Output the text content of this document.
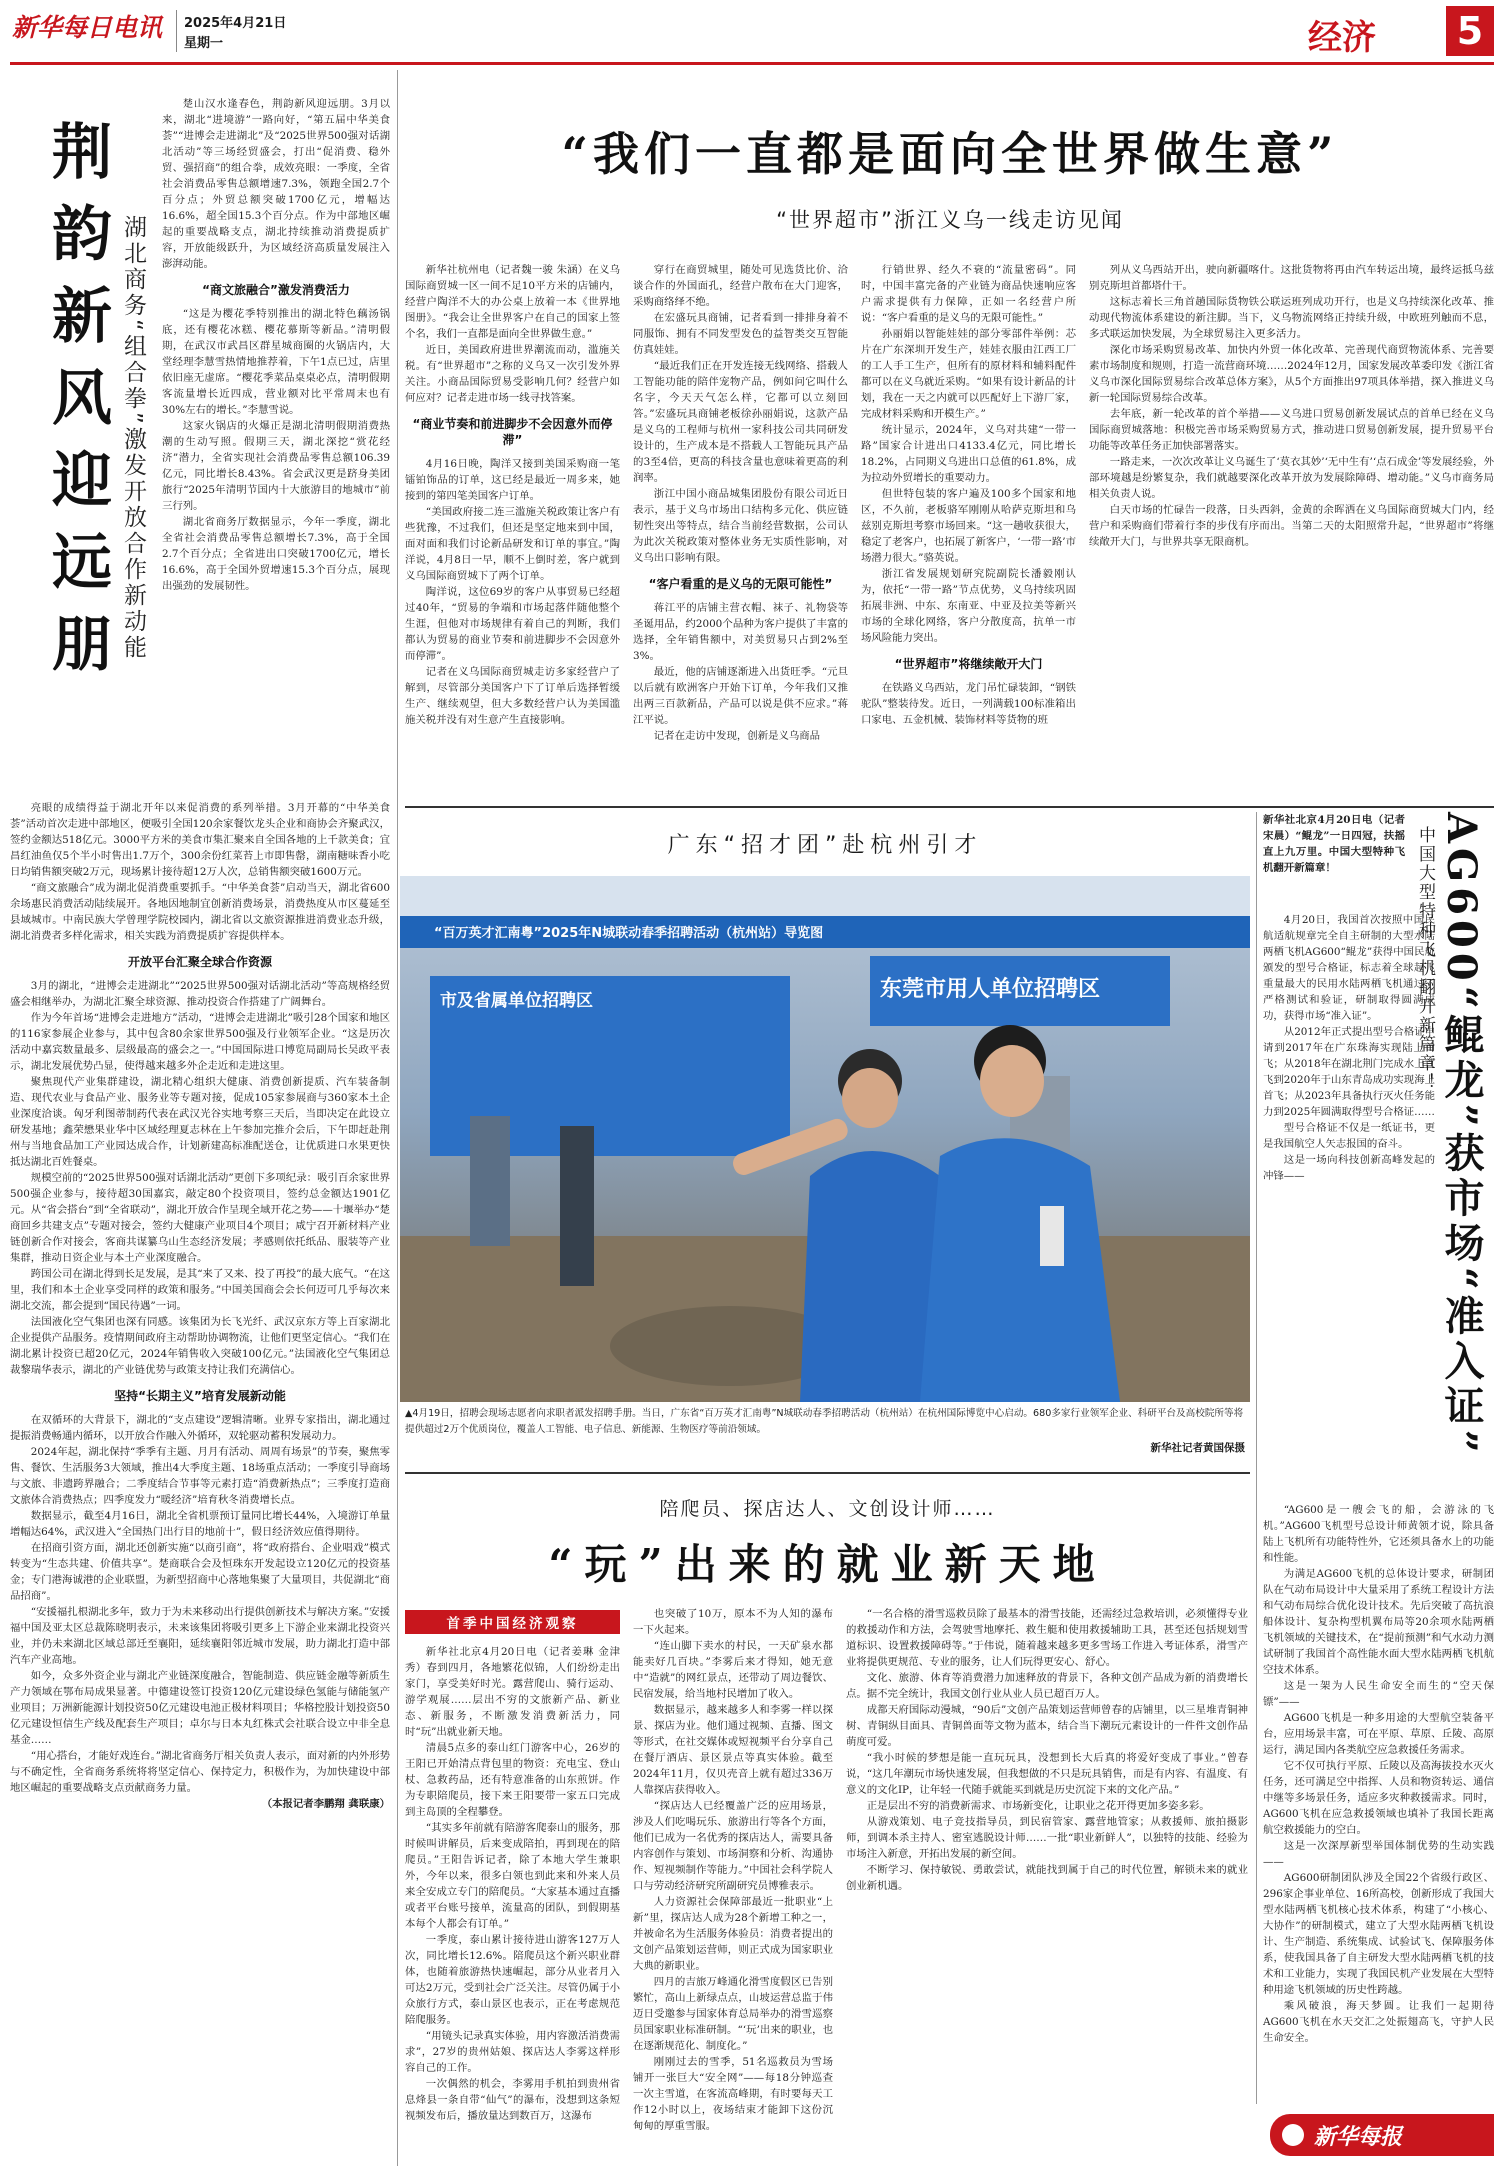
新华每日电讯	2025年4月21日
星期一	经济	5
荆韵新风迎远朋 湖北商务“组合拳”激发开放合作新动能

楚山汉水逢春色，荆韵新风迎远朋。3月以来，湖北“进境游”一路向好，“第五届中华美食荟”“进博会走进湖北”及“2025世界500强对话湖北活动”等三场经贸盛会，打出“促消费、稳外贸、强招商”的组合拳，成效亮眼：一季度，全省社会消费品零售总额增速7.3%，领跑全国2.7个百分点；外贸总额突破1700亿元，增幅达16.6%，超全国15.3个百分点。作为中部地区崛起的重要战略支点，湖北持续推动消费提质扩容，开放能级跃升，为区域经济高质量发展注入澎湃动能。

“商文旅融合”激发消费活力

“这是为樱花季特别推出的湖北特色藕汤锅底，还有樱花冰糕、樱花慕斯等新品。”清明假期，在武汉市武昌区群星城商圈的火锅店内，大堂经理李慧雪热情地推荐着，下午1点已过，店里依旧座无虚席。“樱花季菜品桌桌必点，清明假期客流量增长近四成，营业额对比平常周末也有30%左右的增长。”李慧雪说。

这家火锅店的火爆正是湖北清明假期消费热潮的生动写照。假期三天，湖北深挖“赏花经济”潜力，全省实现社会消费品零售总额106.39亿元，同比增长8.43%。省会武汉更是跻身美团旅行“2025年清明节国内十大旅游目的地城市”前三行列。

湖北省商务厅数据显示，今年一季度，湖北全省社会消费品零售总额增长7.3%，高于全国2.7个百分点；全省进出口突破1700亿元，增长16.6%，高于全国外贸增速15.3个百分点，展现出强劲的发展韧性。

亮眼的成绩得益于湖北开年以来促消费的系列举措。3月开幕的“中华美食荟”活动首次走进中部地区，便吸引全国120余家餐饮龙头企业和商协会齐聚武汉，签约金额达518亿元。3000平方米的美食市集汇聚来自全国各地的上千款美食；宜昌红油鱼仅5个半小时售出1.7万个，300余份红菜苔上市即售罄，湖南糖味香小吃日均销售额突破2万元，现场累计接待超12万人次，总销售额突破1600万元。

“商文旅融合”成为湖北促消费重要抓手。“中华美食荟”启动当天，湖北省600余场惠民消费活动陆续展开。各地因地制宜创新消费场景，消费热度从市区蔓延至县域城市。中南民族大学曾理学院校园内，湖北省以文旅资源推进消费业态升级，湖北消费者多样化需求，相关实践为消费提质扩容提供样本。

开放平台汇聚全球合作资源

3月的湖北，“进博会走进湖北”“2025世界500强对话湖北活动”等高规格经贸盛会相继举办，为湖北汇聚全球资源、推动投资合作搭建了广阔舞台。

作为今年首场“进博会走进地方”活动，“进博会走进湖北”吸引28个国家和地区的116家参展企业参与，其中包含80余家世界500强及行业领军企业。“这是历次活动中嘉宾数量最多、层级最高的盛会之一。”中国国际进口博览局副局长吴政平表示，湖北发展优势凸显，使得越来越多外企走近和走进这里。

聚焦现代产业集群建设，湖北精心组织大健康、消费创新提质、汽车装备制造、现代农业与食品产业、服务业等专题对接，促成105家参展商与360家本土企业深度洽谈。匈牙利图蒂制药代表在武汉光谷实地考察三天后，当即决定在此设立研发基地；鑫荣懋果业华中区域经理夏志林在上午参加完推介会后，下午即赶赴荆州与当地食品加工产业园达成合作，计划新建高标准配送仓，让优质进口水果更快抵达湖北百姓餐桌。

规模空前的“2025世界500强对话湖北活动”更创下多项纪录：吸引百余家世界500强企业参与，接待超30国嘉宾，敲定80个投资项目，签约总金额达1901亿元。从“省会搭台”到“全省联动”，湖北开放合作呈现全域开花之势——十堰举办“楚商回乡共建支点”专题对接会，签约大健康产业项目4个项目；咸宁召开新材料产业链创新合作对接会，客商共谋纂乌山生态经济发展；孝感则依托纸品、服装等产业集群，推动日资企业与本土产业深度融合。

跨国公司在湖北得到长足发展，是其“来了又来、投了再投”的最大底气。“在这里，我们和本土企业享受同样的政策和服务。”中国美国商会会长何迈可几乎每次来湖北交流，都会提到“国民待遇”一词。

法国液化空气集团也深有同感。该集团为长飞光纤、武汉京东方等上百家湖北企业提供产品服务。疫情期间政府主动帮助协调物流，让他们更坚定信心。“我们在湖北累计投资已超20亿元，2024年销售收入突破100亿元。”法国液化空气集团总裁黎瑞华表示，湖北的产业链优势与政策支持让我们充满信心。

坚持“长期主义”培育发展新动能

在双循环的大背景下，湖北的“支点建设”逻辑清晰。业界专家指出，湖北通过提振消费畅通内循环，以开放合作融入外循环，双轮驱动蓄积发展动力。

2024年起，湖北保持“季季有主题、月月有活动、周周有场景”的节奏，聚焦零售、餐饮、生活服务3大领域，推出4大季度主题、18场重点活动；一季度引导商场与文旅、非遗跨界融合；二季度结合节事等元素打造“消费新热点”；三季度打造商文旅体合消费热点；四季度发力“暖经济”培育秋冬消费增长点。

数据显示，截至4月16日，湖北全省机票预订量同比增长44%，入境游订单量增幅达64%，武汉进入“全国热门出行目的地前十”，假日经济效应值得期待。

在招商引资方面，湖北还创新实施“以商引商”，将“政府搭台、企业唱戏”模式转变为“生态共建、价值共享”。楚商联合会及恒珠东开发起设立120亿元的投资基金；专门港海诚港的企业联盟，为新型招商中心落地集聚了大量项目，共促湖北“商品招商”。

“安援福扎根湖北多年，致力于为未来移动出行提供创新技术与解决方案。”安援福中国及亚太区总裁陈晓明表示，未来该集团将吸引更多上下游企业来湖北投资兴业，并仍未来湖北区域总部迁至襄阳，延续襄阳邻近城市发展，助力湖北打造中部汽车产业高地。

如今，众多外资企业与湖北产业链深度融合，智能制造、供应链金融等新质生产力领域在鄂布局成果显著。中德建设签订投资120亿元建设绿色氢能与储能氢产业项目；万洲新能源计划投资50亿元建设电池正极材料项目；华格控股计划投资50亿元建设恒信生产线及配套生产项目；卓尔与日本丸红株式会社联合设立中非全息基金……

“用心搭台，才能好戏连台。”湖北省商务厅相关负责人表示，面对新的内外形势与不确定性，全省商务系统将将坚定信心、保持定力，积极作为，为加快建设中部地区崛起的重要战略支点贡献商务力量。

（本报记者李鹏翔 龚联康）

“我们一直都是面向全世界做生意”
“世界超市”浙江义乌一线走访见闻

新华社杭州电（记者魏一骏 朱涵）在义乌国际商贸城一区一间不足10平方米的店铺内，经营户陶洋不大的办公桌上放着一本《世界地图册》。“我会让全世界客户在自己的国家上签个名，我们一直都是面向全世界做生意。”

近日，美国政府进世界潮流而动，滥施关税。有“世界超市”之称的义乌又一次引发外界关注。小商品国际贸易受影响几何？经营户如何应对？记者走进市场一线寻找答案。

“商业节奏和前进脚步不会因意外而停滞”

4月16日晚，陶洋又接到美国采购商一笔镭铂饰品的订单，这已经是最近一周多来，她接到的第四笔美国客户订单。

“美国政府接二连三滥施关税政策让客户有些犹豫，不过我们，但还是坚定地来到中国，面对面和我们讨论新品研发和订单的事宜。”陶洋说，4月8日一早，顺不上倒时差，客户就到义乌国际商贸城下了两个订单。

陶洋说，这位69岁的客户从事贸易已经超过40年，“贸易的争端和市场起落伴随他整个生涯，但他对市场规律有着自己的判断，我们都认为贸易的商业节奏和前进脚步不会因意外而停滞”。

记者在义乌国际商贸城走访多家经营户了解到，尽管部分美国客户下了订单后选择暂缓生产、继续观望，但大多数经营户认为美国滥施关税并没有对生意产生直接影响。

穿行在商贸城里，随处可见选货比价、洽谈合作的外国面孔，经营户散布在大门迎客，采购商络绎不绝。

在宏盛玩具商铺，记者看到一排排身着不同服饰、拥有不同发型发色的益智类交互智能仿真娃娃。

“最近我们正在开发连接无线网络、搭载人工智能功能的陪伴宠物产品，例如问它叫什么名字，今天天气怎么样，它都可以立刻回答。”宏盛玩具商铺老板徐孙丽娟说，这款产品是义乌的工程师与杭州一家科技公司共同研发设计的，生产成本是不搭载人工智能玩具产品的3至4倍，更高的科技含量也意味着更高的利润率。

浙江中国小商品城集团股份有限公司近日表示，基于义乌市场出口结构多元化、供应链韧性突出等特点，结合当前经营数据，公司认为此次关税政策对整体业务无实质性影响，对义乌出口影响有限。

“客户看重的是义乌的无限可能性”

蒋江平的店铺主营衣帽、袜子、礼物袋等圣诞用品，约2000个品种为客户提供了丰富的选择，全年销售额中，对美贸易只占到2%至3%。

最近，他的店铺逐渐进入出货旺季。“元旦以后就有欧洲客户开始下订单，今年我们又推出两三百款新品，产品可以说是供不应求。”蒋江平说。

记者在走访中发现，创新是义乌商品

行销世界、经久不衰的“流量密码”。同时，中国丰富完备的产业链为商品快速响应客户需求提供有力保障，正如一名经营户所说：“客户看重的是义乌的无限可能性。”

孙丽娟以智能娃娃的部分零部件举例：芯片在广东深圳开发生产，娃娃衣服由江西工厂的工人手工生产，但所有的原材料和辅料配件都可以在义乌就近采购。“如果有设计新品的计划，我在一天之内就可以匹配好上下游厂家，完成材料采购和开模生产。”

统计显示，2024年，义乌对共建“一带一路”国家合计进出口4133.4亿元，同比增长18.2%，占同期义乌进出口总值的61.8%，成为拉动外贸增长的重要动力。

但世特包装的客户遍及100多个国家和地区，不久前，老板骆军刚刚从哈萨克斯坦和乌兹别克斯坦考察市场回来。“这一趟收获很大，稳定了老客户，也拓展了新客户，‘一带一路’市场潜力很大。”骆英说。

浙江省发展规划研究院副院长潘毅刚认为，依托“一带一路”节点优势，义乌持续巩固拓展非洲、中东、东南亚、中亚及拉美等新兴市场的全球化网络，客户分散度高，抗单一市场风险能力突出。

“世界超市”将继续敞开大门

在铁路义乌西站，龙门吊忙碌装卸，“钢铁驼队”整装待发。近日，一列满载100标准箱出口家电、五金机械、装饰材料等货物的班

列从义乌西站开出，驶向新疆喀什。这批货物将再由汽车转运出境，最终运抵乌兹别克斯坦首都塔什干。

这标志着长三角首趟国际货物铁公联运班列成功开行，也是义乌持续深化改革、推动现代物流体系建设的新注脚。当下，义乌物流网络正持续升级，中欧班列触而不息，多式联运加快发展，为全球贸易注入更多活力。

深化市场采购贸易改革、加快内外贸一体化改革、完善现代商贸物流体系、完善要素市场制度和规则，打造一流营商环境……2024年12月，国家发展改革委印发《浙江省义乌市深化国际贸易综合改革总体方案》，从5个方面推出97项具体举措，探入推进义乌新一轮国际贸易综合改革。

去年底，新一轮改革的首个举措——义乌进口贸易创新发展试点的首单已经在义乌国际商贸城落地：积极完善市场采购贸易方式，推动进口贸易创新发展，提升贸易平台功能等改革任务正加快部署落实。

一路走来，一次次改革让义乌诞生了‘莫衣其妙’‘无中生有’‘点石成金’等发展经验，外部环境越是纷繁复杂，我们就越要深化改革开放为发展除障碍、增动能。”义乌市商务局相关负责人说。

白天市场的忙碌告一段落，日头西斜，金黄的余晖洒在义乌国际商贸城大门内，经营户和采购商们带着行李的步伐有序而出。当第二天的太阳照常升起，“世界超市”将继续敞开大门，与世界共享无限商机。

广东“招才团”赴杭州引才
“百万英才汇南粤”2025年N城联动春季招聘活动（杭州站）导览图
东莞市用人单位招聘区
市及省属单位招聘区
▲4月19日，招聘会现场志愿者向求职者派发招聘手册。当日，广东省“百万英才汇南粤”N城联动春季招聘活动（杭州站）在杭州国际博览中心启动。680多家行业领军企业、科研平台及高校院所等将提供超过2万个优质岗位，覆盖人工智能、电子信息、新能源、生物医疗等前沿领域。
新华社记者黄国保摄

新华社北京4月20日电（记者宋晨）“鲲龙”一日四冠，扶摇直上九万里。中国大型特种飞机翻开新篇章！	中国大型特种飞机翻开新篇章！ AG600“鲲龙”获市场“准入证”

4月20日，我国首次按照中国民航适航规章完全自主研制的大型水陆两栖飞机AG600“鲲龙”获得中国民航颁发的型号合格证，标志着全球起飞重量最大的民用水陆两栖飞机通过了严格测试和验证，研制取得圆满成功，获得市场“准入证”。

从2012年正式提出型号合格证申请到2017年在广东珠海实现陆上首飞；从2018年在湖北荆门完成水上首飞到2020年于山东青岛成功实现海上首飞；从2023年具备执行灭火任务能力到2025年圆满取得型号合格证……

型号合格证不仅是一纸证书，更是我国航空人矢志报国的奋斗。

这是一场向科技创新高峰发起的冲锋——

“AG600是一艘会飞的船，会游泳的飞机。”AG600飞机型号总设计师黄领才说，除具备陆上飞机所有功能特性外，它还须具备水上的功能和性能。

为满足AG600飞机的总体设计要求，研制团队在气动布局设计中大量采用了系统工程设计方法和气动布局综合优化设计技术。先后突破了高抗浪船体设计、复杂构型机翼布局等20余项水陆两栖飞机领域的关键技术，在“提前预测”和气水动力测试研制了我国首个高性能水面大型水陆两栖飞机航空技术体系。

这是一架为人民生命安全而生的“空天保镖”——

AG600飞机是一种多用途的大型航空装备平台，应用场景丰富，可在平原、草原、丘陵、高原运行，满足国内各类航空应急救援任务需求。

它不仅可执行平原、丘陵以及高海拔投水灭火任务，还可满足空中指挥、人员和物资转运、通信中继等多场景任务，适应多灾种救援需求。同时，AG600飞机在应急救援领域也填补了我国长距离航空救援能力的空白。

这是一次深厚新型举国体制优势的生动实践——

AG600研制团队涉及全国22个省级行政区、296家企事业单位、16所高校，创新形成了我国大型水陆两栖飞机核心技术体系，构建了“小核心、大协作”的研制模式，建立了大型水陆两栖飞机设计、生产制造、系统集成、试验试飞、保障服务体系，使我国具备了自主研发大型水陆两栖飞机的技术和工业能力，实现了我国民机产业发展在大型特种用途飞机领域的历史性跨越。

乘风破浪，海天梦圆。让我们一起期待AG600飞机在水天交汇之处振翅高飞，守护人民生命安全。

新华每报
陪爬员、探店达人、文创设计师……
“玩”出来的就业新天地
首季中国经济观察

新华社北京4月20日电（记者姜琳 金津秀）春到四月，各地繁花似锦，人们纷纷走出家门，享受美好时光。露营爬山、骑行运动、游学观展……层出不穷的文旅新产品、新业态、新服务，不断激发消费新活力，同时“玩”出就业新天地。

清晨5点多的泰山红门游客中心，26岁的王阳已开始清点背包里的物资：充电宝、登山杖、急救药品，还有特意准备的山东煎饼。作为专职陪爬员，接下来王阳要带一家五口完成到主岛顶的全程攀登。

“其实多年前就有陪游客爬泰山的服务，那时候叫讲解员，后来变成陪拍，再到现在的陪爬员。”王阳告诉记者，除了本地大学生兼职外，今年以来，很多白领也到此来和外来人员来全安成立专门的陪爬员。“大家基本通过直播或者平台账号接单，流量高的团队，到假期基本每个人都会有订单。”

一季度，泰山累计接待进山游客127万人次，同比增长12.6%。陪爬员这个新兴职业群体，也随着旅游热快速崛起，部分从业者月入可达2万元，受到社会广泛关注。尽管仍属于小众旅行方式，泰山景区也表示，正在考虑规范陪爬服务。

“用镜头记录真实体验，用内容激活消费需求”，27岁的贵州姑娘、探店达人李雾这样形容自己的工作。

一次偶然的机会，李雾用手机拍到贵州省息烽县一条自带“仙气”的瀑布，没想到这条短视频发布后，播放量达到数百万，这瀑布

也突破了10万，原本不为人知的瀑布一下火起来。

“连山脚下卖水的村民，一天矿泉水都能卖好几百块。”李雾后来才得知，她无意中“造就”的网红景点，还带动了周边餐饮、民宿发展，给当地村民增加了收入。

数据显示，越来越多人和李雾一样以探景、探店为业。他们通过视频、直播、图文等形式，在社交媒体或短视频平台分享自己在餐厅酒店、景区景点等真实体验。截至2024年11月，仅贝壳音上就有超过336万人靠探店获得收入。

“探店达人已经覆盖广泛的应用场景，涉及人们吃喝玩乐、旅游出行等各个方面，他们已成为一名优秀的探店达人，需要具备内容创作与策划、市场洞察和分析、沟通协作、短视频制作等能力。”中国社会科学院人口与劳动经济研究所副研究员博雅表示。

人力资源社会保障部最近一批职业“上新”里，探店达人成为28个新增工种之一，并被命名为生活服务体验员：消费者提出的文创产品策划运营师，则正式成为国家职业大典的新职业。

四月的吉旅万峰通化滑雪度假区已告别繁忙，高山上新绿点点，山坡运营总监于伟迈日受邀参与国家体育总局举办的滑雪巡察员国家职业标准研制。“‘玩’出来的职业，也在逐渐规范化、制度化。”

刚刚过去的雪季，51名巡救员为雪场铺开一张巨大“安全网”——每18分钟巡查一次主雪道，在客流高峰期，有时要每天工作12小时以上，夜场结束才能卸下这份沉甸甸的厚重雪服。

“一名合格的滑雪巡救员除了最基本的滑雪技能，还需经过急救培训，必须懂得专业的救援动作和方法，会驾驶雪地摩托、救生艇和使用救援辅助工具，甚至还包括规划雪道标识、设置救援障碍等。”于伟说，随着越来越多更多雪场工作进入考证体系，滑雪产业将提供更规范、专业的服务，让人们玩得更安心、舒心。

文化、旅游、体育等消费潜力加速释放的背景下，各种文创产品成为新的消费增长点。据不完全统计，我国文创行业从业人员已超百万人。

成都天府国际动漫城，“90后”文创产品策划运营师曾春的店铺里，以三星堆青铜神树、青铜纵目面具、青铜兽面等文物为蓝本，结合当下潮玩元素设计的一件件文创作品萌度可爱。

“我小时候的梦想是能一直玩玩具，没想到长大后真的将爱好变成了事业。”曾春说，“这几年潮玩市场快速发展，但我想做的不只是玩具销售，而是有内容、有温度、有意义的文化IP，让年轻一代随手就能买到就是历史沉淀下来的文化产品。”

正是层出不穷的消费新需求、市场新变化，让职业之花开得更加多姿多彩。

从游戏策划、电子竞技指导员，到民宿管家、露营地管家；从救援师、旅拍摄影师，到调本杀主持人、密室逃脱设计师……一批“职业新鲜人”，以独特的技能、经验为市场注入新意，开拓出发展的新空间。

不断学习、保持敏锐、勇敢尝试，就能找到属于自己的时代位置，解锁未来的就业创业新机遇。
